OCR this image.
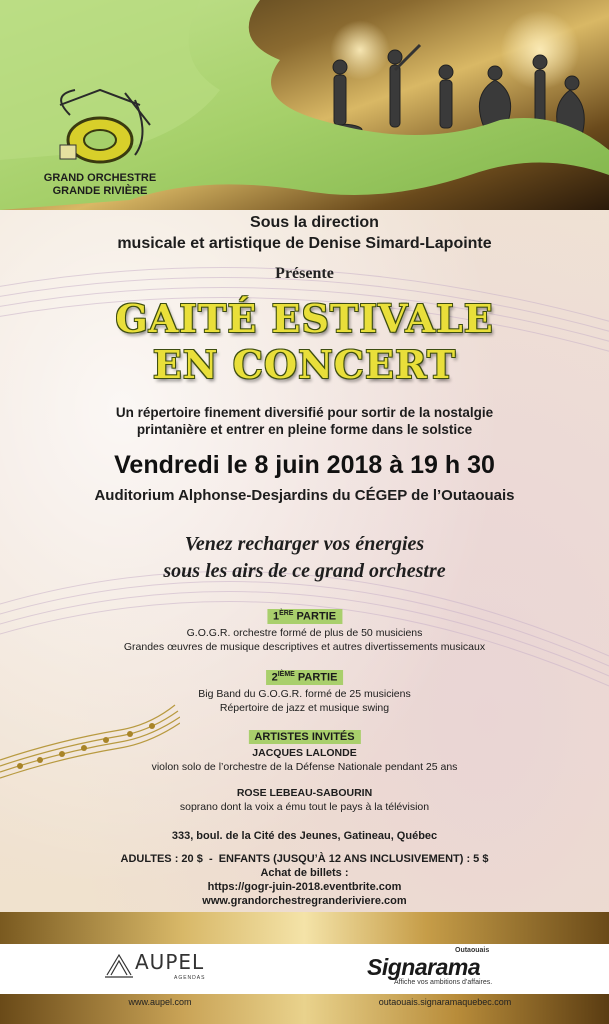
GRAND ORCHESTRE
GRANDE RIVIÈRE
Sous la direction
musicale et artistique de Denise Simard-Lapointe
Présente
GAITÉ ESTIVALE
EN CONCERT
Un répertoire finement diversifié pour sortir de la nostalgie
printanière et entrer en pleine forme dans le solstice
Vendredi le 8 juin 2018 à 19 h 30
Auditorium Alphonse-Desjardins du CÉGEP de l’Outaouais
Venez recharger vos énergies
sous les airs de ce grand orchestre
1ÈRE PARTIE
G.O.G.R. orchestre formé de plus de 50 musiciens
Grandes œuvres de musique descriptives et autres divertissements musicaux
2IÈME PARTIE
Big Band du G.O.G.R. formé de 25 musiciens
Répertoire de jazz et musique swing
ARTISTES INVITÉS
JACQUES LALONDE
violon solo de l’orchestre de la Défense Nationale pendant 25 ans
ROSE LEBEAU-SABOURIN
soprano dont la voix a ému tout le pays à la télévision
333, boul. de la Cité des Jeunes, Gatineau, Québec
ADULTES : 20 $  -  ENFANTS (JUSQU’À 12 ANS INCLUSIVEMENT) : 5 $
Achat de billets :
https://gogr-juin-2018.eventbrite.com
www.grandorchestregranderiviere.com
AUPEL
AGENDAS
www.aupel.com
Outaouais
Signarama
Affiche vos ambitions d’affaires.
outaouais.signaramaquebec.com
